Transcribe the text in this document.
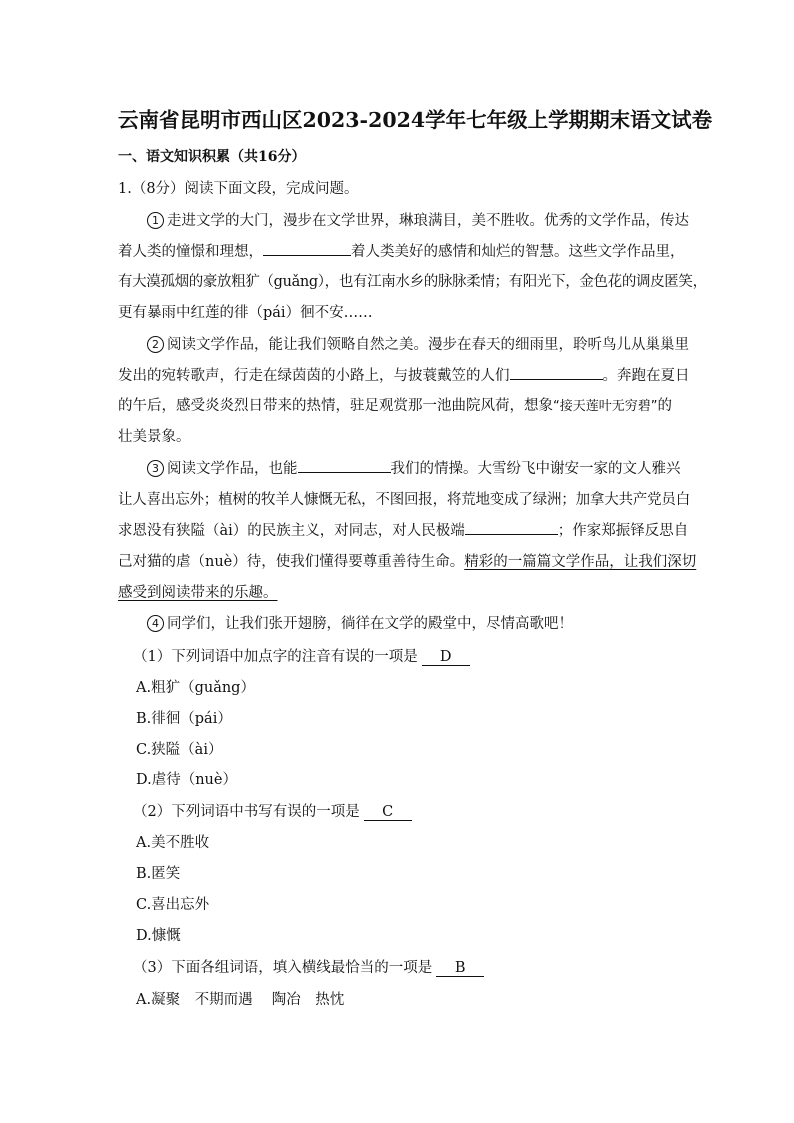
云南省昆明市西山区2023-2024学年七年级上学期期末语文试卷
一、语文知识积累（共16分）
1.（8分）阅读下面文段，完成问题。
1 走进文学的大门，漫步在文学世界，琳琅满目，美不胜收。优秀的文学作品，传达
着人类的憧憬和理想，	着人类美好的感情和灿烂的智慧。这些文学作品里，
有大漠孤烟的豪放粗犷（guǎng），也有江南水乡的脉脉柔情；有阳光下，金色花的调皮匿笑，
更有暴雨中红莲的徘（pái）徊不安……
2 阅读文学作品，能让我们领略自然之美。漫步在春天的细雨里，聆听鸟儿从巢巢里
发出的宛转歌声，行走在绿茵茵的小路上，与披蓑戴笠的人们	。奔跑在夏日
的午后，感受炎炎烈日带来的热情，驻足观赏那一池曲院风荷，想象“接天莲叶无穷碧”的
壮美景象。
3 阅读文学作品，也能	我们的情操。大雪纷飞中谢安一家的文人雅兴
让人喜出忘外；植树的牧羊人慷慨无私，不图回报，将荒地变成了绿洲；加拿大共产党员白
求恩没有狭隘（ài）的民族主义，对同志，对人民极端	；作家郑振铎反思自
己对猫的虐（nuè）待，使我们懂得要尊重善待生命。精彩的一篇篇文学作品，让我们深切
感受到阅读带来的乐趣。
4 同学们，让我们张开翅膀，徜徉在文学的殿堂中，尽情高歌吧！
（1）下列词语中加点字的注音有误的一项是 D
A.粗犷（guǎng）
B.徘徊（pái）
C.狭隘（ài）
D.虐待（nuè）
（2）下列词语中书写有误的一项是 C
A.美不胜收
B.匿笑
C.喜出忘外
D.慷慨
（3）下面各组词语，填入横线最恰当的一项是 B
A.凝聚　不期而遇　 陶冶　热忱
